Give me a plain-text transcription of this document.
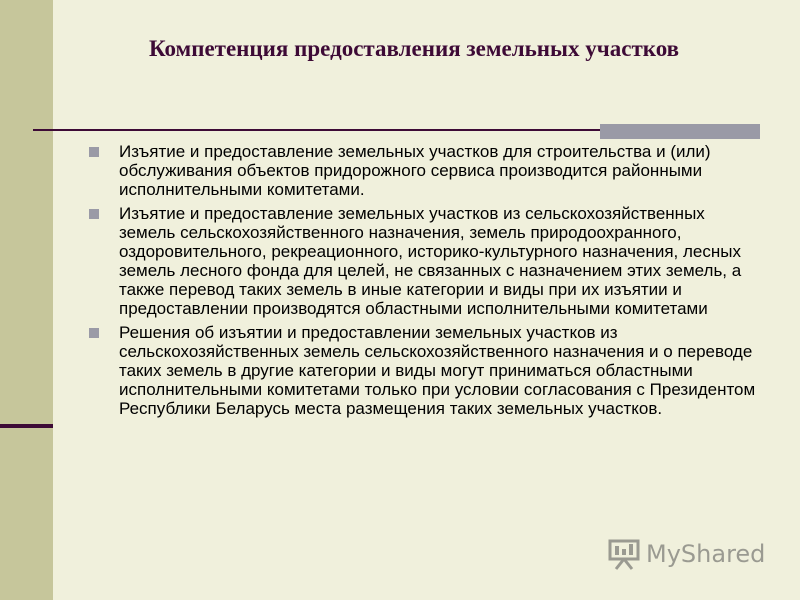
Компетенция предоставления земельных участков
Изъятие и предоставление земельных участков для строительства и (или) обслуживания объектов придорожного сервиса производится районными исполнительными комитетами.
Изъятие и предоставление земельных участков из сельскохозяйственных земель сельскохозяйственного назначения, земель природоохранного, оздоровительного, рекреационного, историко-культурного назначения, лесных земель лесного фонда для целей, не связанных с назначением этих земель, а также перевод таких земель в иные категории и виды при их изъятии и предоставлении производятся областными исполнительными комитетами
Решения об изъятии и предоставлении земельных участков из сельскохозяйственных земель сельскохозяйственного назначения и о переводе таких земель в другие категории и виды могут приниматься областными исполнительными комитетами только при условии согласования с Президентом Республики Беларусь места размещения таких земельных участков.
MyShared
